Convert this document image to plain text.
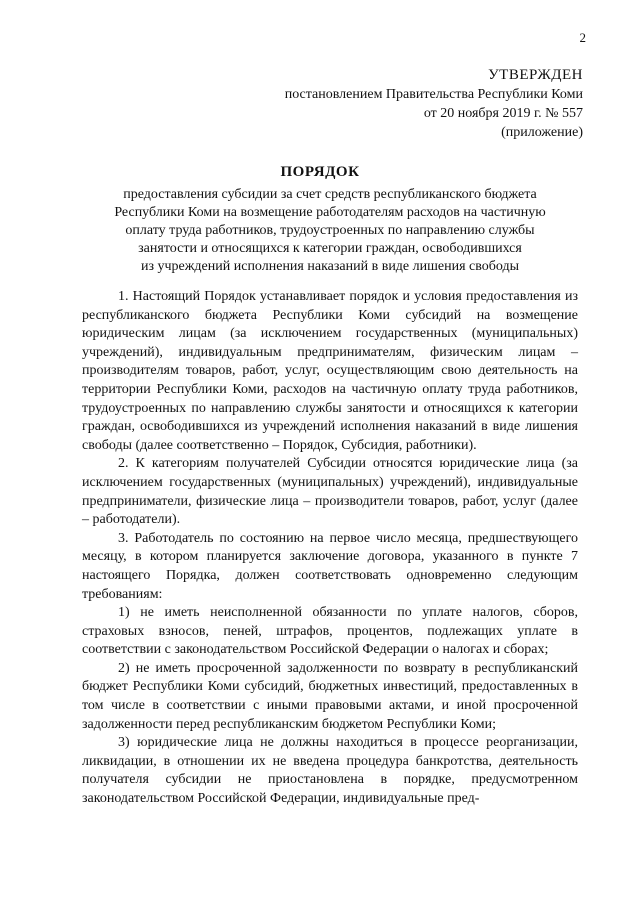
2
УТВЕРЖДЕН
постановлением Правительства Республики Коми
от 20 ноября 2019 г. № 557
(приложение)
ПОРЯДОК
предоставления субсидии за счет средств республиканского бюджета
Республики Коми на возмещение работодателям расходов на частичную
оплату труда работников, трудоустроенных по направлению службы
занятости и относящихся к категории граждан, освободившихся
из учреждений исполнения наказаний в виде лишения свободы

1. Настоящий Порядок устанавливает порядок и условия предоставления из республиканского бюджета Республики Коми субсидий на возмещение юридическим лицам (за исключением государственных (муниципальных) учреждений), индивидуальным предпринимателям, физическим лицам – производителям товаров, работ, услуг, осуществляющим свою деятельность на территории Республики Коми, расходов на частичную оплату труда работников, трудоустроенных по направлению службы занятости и относящихся к категории граждан, освободившихся из учреждений исполнения наказаний в виде лишения свободы (далее соответственно – Порядок, Субсидия, работники).

2. К категориям получателей Субсидии относятся юридические лица (за исключением государственных (муниципальных) учреждений), индивидуальные предприниматели, физические лица – производители товаров, работ, услуг (далее – работодатели).

3. Работодатель по состоянию на первое число месяца, предшествующего месяцу, в котором планируется заключение договора, указанного в пункте 7 настоящего Порядка, должен соответствовать одновременно следующим требованиям:

1) не иметь неисполненной обязанности по уплате налогов, сборов, страховых взносов, пеней, штрафов, процентов, подлежащих уплате в соответствии с законодательством Российской Федерации о налогах и сборах;

2) не иметь просроченной задолженности по возврату в республиканский бюджет Республики Коми субсидий, бюджетных инвестиций, предоставленных в том числе в соответствии с иными правовыми актами, и иной просроченной задолженности перед республиканским бюджетом Республики Коми;

3) юридические лица не должны находиться в процессе реорганизации, ликвидации, в отношении их не введена процедура банкротства, деятельность получателя субсидии не приостановлена в порядке, предусмотренном законодательством Российской Федерации, индивидуальные пред-
